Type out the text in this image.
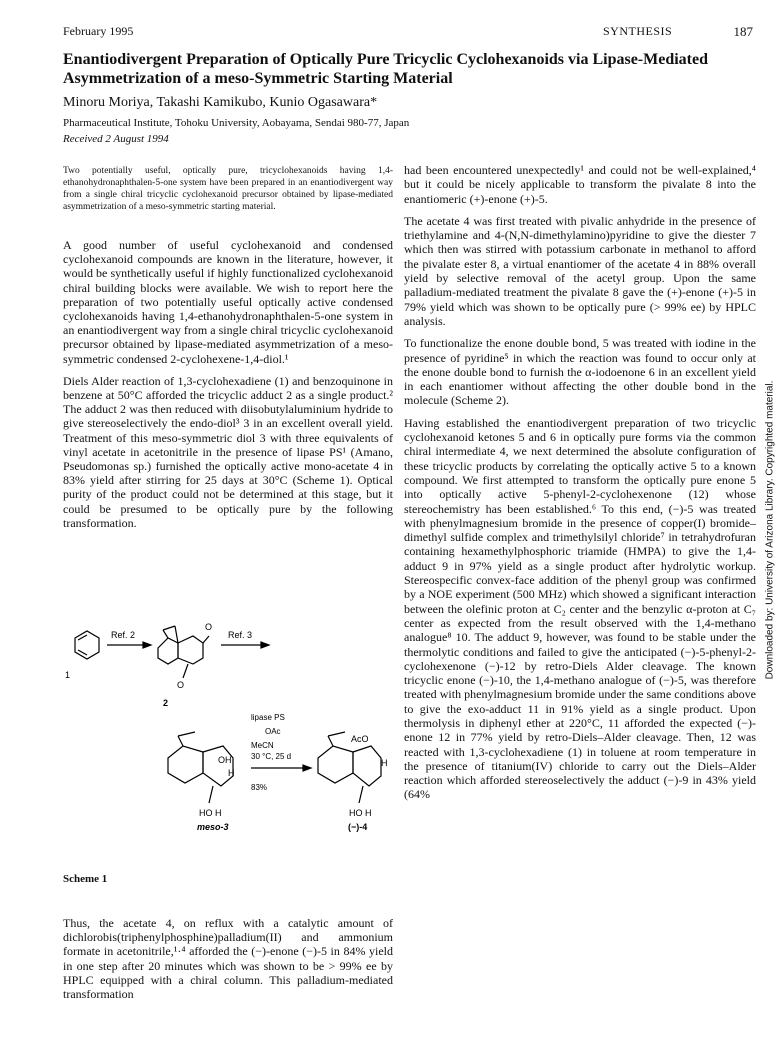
February 1995	SYNTHESIS	187
Enantiodivergent Preparation of Optically Pure Tricyclic Cyclohexanoids via Lipase-Mediated Asymmetrization of a meso-Symmetric Starting Material
Minoru Moriya, Takashi Kamikubo, Kunio Ogasawara*
Pharmaceutical Institute, Tohoku University, Aobayama, Sendai 980-77, Japan
Received 2 August 1994
Two potentially useful, optically pure, tricyclohexanoids having 1,4-ethanohydronaphthalen-5-one system have been prepared in an enantiodivergent way from a single chiral tricyclic cyclohexanoid precursor obtained by lipase-mediated asymmetrization of a meso-symmetric starting material.

A good number of useful cyclohexanoid and condensed cyclohexanoid compounds are known in the literature, however, it would be synthetically useful if highly functionalized cyclohexanoid chiral building blocks were available. We wish to report here the preparation of two potentially useful optically active condensed cyclohexanoids having 1,4-ethanohydronaphthalen-5-one system in an enantiodivergent way from a single chiral tricyclic cyclohexanoid precursor obtained by lipase-mediated asymmetrization of a meso-symmetric condensed 2-cyclohexene-1,4-diol.¹

Diels Alder reaction of 1,3-cyclohexadiene (1) and benzoquinone in benzene at 50°C afforded the tricyclic adduct 2 as a single product.² The adduct 2 was then reduced with diisobutylaluminium hydride to give stereoselectively the endo-diol³ 3 in an excellent overall yield. Treatment of this meso-symmetric diol 3 with three equivalents of vinyl acetate in acetonitrile in the presence of lipase PS¹ (Amano, Pseudomonas sp.) furnished the optically active mono-acetate 4 in 83% yield after stirring for 25 days at 30°C (Scheme 1). Optical purity of the product could not be determined at this stage, but it could be presumed to be optically pure by the following transformation.

Ref. 2	Ref. 3
1
2
O
O
OH
H
HO H
meso-3
lipase PS
OAc
MeCN
30 °C, 25 d
83%
AcO
H
HO H
(−)-4
Scheme 1

Thus, the acetate 4, on reflux with a catalytic amount of dichlorobis(triphenylphosphine)palladium(II) and ammonium formate in acetonitrile,¹·⁴ afforded the (−)-enone (−)-5 in 84% yield in one step after 20 minutes which was shown to be > 99% ee by HPLC equipped with a chiral column. This palladium-mediated transformation

had been encountered unexpectedly¹ and could not be well-explained,⁴ but it could be nicely applicable to transform the pivalate 8 into the enantiomeric (+)-enone (+)-5.

The acetate 4 was first treated with pivalic anhydride in the presence of triethylamine and 4-(N,N-dimethylamino)pyridine to give the diester 7 which then was stirred with potassium carbonate in methanol to afford the pivalate ester 8, a virtual enantiomer of the acetate 4 in 88% overall yield by selective removal of the acetyl group. Upon the same palladium-mediated treatment the pivalate 8 gave the (+)-enone (+)-5 in 79% yield which was shown to be optically pure (> 99% ee) by HPLC analysis.

To functionalize the enone double bond, 5 was treated with iodine in the presence of pyridine⁵ in which the reaction was found to occur only at the enone double bond to furnish the α-iodoenone 6 in an excellent yield in each enantiomer without affecting the other double bond in the molecule (Scheme 2).

Having established the enantiodivergent preparation of two tricyclic cyclohexanoid ketones 5 and 6 in optically pure forms via the common chiral intermediate 4, we next determined the absolute configuration of these tricyclic products by correlating the optically active 5 to a known compound. We first attempted to transform the optically pure enone 5 into optically active 5-phenyl-2-cyclohexenone (12) whose stereochemistry has been established.⁶ To this end, (−)-5 was treated with phenylmagnesium bromide in the presence of copper(I) bromide–dimethyl sulfide complex and trimethylsilyl chloride⁷ in tetrahydrofuran containing hexamethylphosphoric triamide (HMPA) to give the 1,4-adduct 9 in 97% yield as a single product after hydrolytic workup. Stereospecific convex-face addition of the phenyl group was confirmed by a NOE experiment (500 MHz) which showed a significant interaction between the olefinic proton at C₂ center and the benzylic α-proton at C₇ center as expected from the result observed with the 1,4-methano analogue⁸ 10. The adduct 9, however, was found to be stable under the thermolytic conditions and failed to give the anticipated (−)-5-phenyl-2-cyclohexenone (−)-12 by retro-Diels Alder cleavage. The known tricyclic enone (−)-10, the 1,4-methano analogue of (−)-5, was therefore treated with phenylmagnesium bromide under the same conditions above to give the exo-adduct 11 in 91% yield as a single product. Upon thermolysis in diphenyl ether at 220°C, 11 afforded the expected (−)-enone 12 in 77% yield by retro-Diels–Alder cleavage. Then, 12 was reacted with 1,3-cyclohexadiene (1) in toluene at room temperature in the presence of titanium(IV) chloride to carry out the Diels–Alder reaction which afforded stereoselectively the adduct (−)-9 in 43% yield (64%

Downloaded by: University of Arizona Library. Copyrighted material.
